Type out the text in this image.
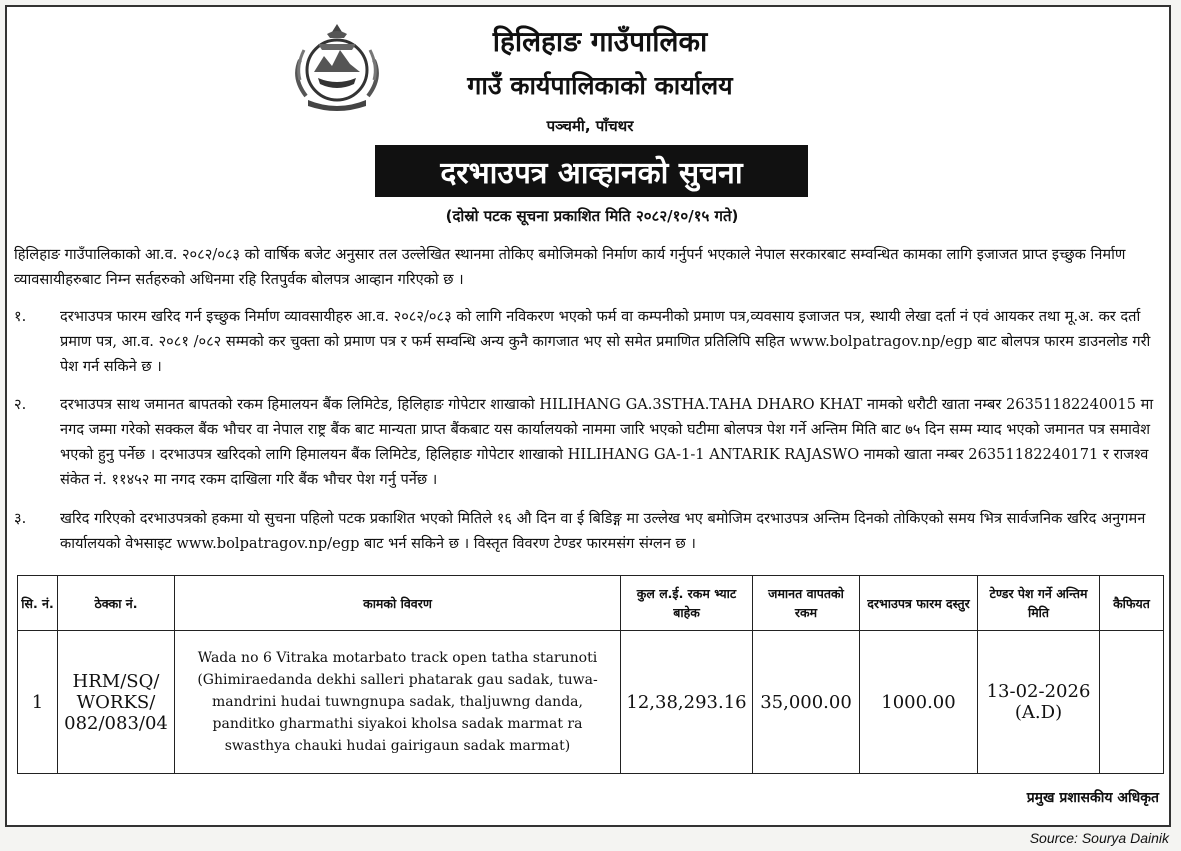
हिलिहाङ गाउँपालिका
गाउँ कार्यपालिकाको कार्यालय
पञ्चमी, पाँचथर
दरभाउपत्र आव्हानको सुचना
(दोस्रो पटक सूचना प्रकाशित मिति २०८२/१०/१५ गते)
हिलिहाङ गाउँपालिकाको आ.व. २०८२/०८३ को वार्षिक बजेट अनुसार तल उल्लेखित स्थानमा तोकिए बमोजिमको निर्माण कार्य गर्नुपर्न भएकाले नेपाल सरकारबाट सम्वन्धित कामका लागि इजाजत प्राप्त इच्छुक निर्माण व्यावसायीहरुबाट निम्न सर्तहरुको अधिनमा रहि रितपुर्वक बोलपत्र आव्हान गरिएको छ ।
१. दरभाउपत्र फारम खरिद गर्न इच्छुक निर्माण व्यावसायीहरु आ.व. २०८२/०८३ को लागि नविकरण भएको फर्म वा कम्पनीको प्रमाण पत्र,व्यवसाय इजाजत पत्र, स्थायी लेखा दर्ता नं एवं आयकर तथा मू.अ. कर दर्ता प्रमाण पत्र, आ.व. २०८१ /०८२ सम्मको कर चुक्ता को प्रमाण पत्र र फर्म सम्वन्धि अन्य कुनै कागजात भए सो समेत प्रमाणित प्रतिलिपि सहित www.bolpatragov.np/egp बाट बोलपत्र फारम डाउनलोड गरी पेश गर्न सकिने छ ।
२. दरभाउपत्र साथ जमानत बापतको रकम हिमालयन बैंक लिमिटेड, हिलिहाङ गोपेटार शाखाको HILIHANG GA.3STHA.TAHA DHARO KHAT नामको धरौटी खाता नम्बर 26351182240015 मा नगद जम्मा गरेको सक्कल बैंक भौचर वा नेपाल राष्ट्र बैंक बाट मान्यता प्राप्त बैंकबाट यस कार्यालयको नाममा जारि भएको घटीमा बोलपत्र पेश गर्ने अन्तिम मिति बाट ७५ दिन सम्म म्याद भएको जमानत पत्र समावेश भएको हुनु पर्नेछ । दरभाउपत्र खरिदको लागि हिमालयन बैंक लिमिटेड, हिलिहाङ गोपेटार शाखाको HILIHANG GA-1-1 ANTARIK RAJASWO नामको खाता नम्बर 26351182240171 र राजश्व संकेत नं. ११४५२ मा नगद रकम दाखिला गरि बैंक भौचर पेश गर्नु पर्नेछ ।
३. खरिद गरिएको दरभाउपत्रको हकमा यो सुचना पहिलो पटक प्रकाशित भएको मितिले १६ औ दिन वा ई बिडिङ्ग मा उल्लेख भए बमोजिम दरभाउपत्र अन्तिम दिनको तोकिएको समय भित्र सार्वजनिक खरिद अनुगमन कार्यालयको वेभसाइट www.bolpatragov.np/egp बाट भर्न सकिने छ । विस्तृत विवरण टेण्डर फारमसंग संग्लन छ ।
सि. नं.	ठेक्का नं.	कामको विवरण	कुल ल.ई. रकम भ्याट बाहेक	जमानत वापतको रकम	दरभाउपत्र फारम दस्तुर	टेण्डर पेश गर्ने अन्तिम मिति	कैफियत
1	HRM/SQ/ WORKS/ 082/083/04	Wada no 6 Vitraka motarbato track open tatha starunoti (Ghimiraedanda dekhi salleri phatarak gau sadak, tuwa- mandrini hudai tuwngnupa sadak, thaljuwng danda, panditko gharmathi siyakoi kholsa sadak marmat ra swasthya chauki hudai gairigaun sadak marmat)	12,38,293.16	35,000.00	1000.00	13-02-2026 (A.D)	
प्रमुख प्रशासकीय अधिकृत
Source: Sourya Dainik
